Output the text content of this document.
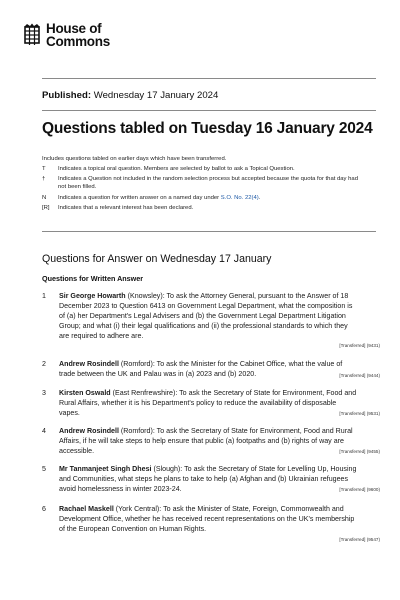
House of
Commons
Published: Wednesday 17 January 2024
Questions tabled on Tuesday 16 January 2024
Includes questions tabled on earlier days which have been transferred.
T	Indicates a topical oral question. Members are selected by ballot to ask a Topical Question.
†	Indicates a Question not included in the random selection process but accepted because the quota for that day had not been filled.
N	Indicates a question for written answer on a named day under S.O. No. 22(4).
[R]	Indicates that a relevant interest has been declared.
Questions for Answer on Wednesday 17 January
Questions for Written Answer
1 Sir George Howarth (Knowsley): To ask the Attorney General, pursuant to the Answer of 18 December 2023 to Question 6413 on Government Legal Department, what the composition is of (a) her Department's Legal Advisers and (b) the Government Legal Department Litigation Group; and what (i) their legal qualifications and (ii) the professional standards to which they are required to adhere are.
[Transferred] (9431)
2 Andrew Rosindell (Romford): To ask the Minister for the Cabinet Office, what the value of trade between the UK and Palau was in (a) 2023 and (b) 2020.	[Transferred] (9444)
3 Kirsten Oswald (East Renfrewshire): To ask the Secretary of State for Environment, Food and Rural Affairs, whether it is his Department's policy to reduce the availability of disposable vapes.	[Transferred] (9531)
4 Andrew Rosindell (Romford): To ask the Secretary of State for Environment, Food and Rural Affairs, if he will take steps to help ensure that public (a) footpaths and (b) rights of way are accessible.	[Transferred] (9455)
5 Mr Tanmanjeet Singh Dhesi (Slough): To ask the Secretary of State for Levelling Up, Housing and Communities, what steps he plans to take to help (a) Afghan and (b) Ukrainian refugees avoid homelessness in winter 2023-24.	[Transferred] (9600)
6 Rachael Maskell (York Central): To ask the Minister of State, Foreign, Commonwealth and Development Office, whether he has received recent representations on the UK's membership of the European Convention on Human Rights.
[Transferred] (9547)
